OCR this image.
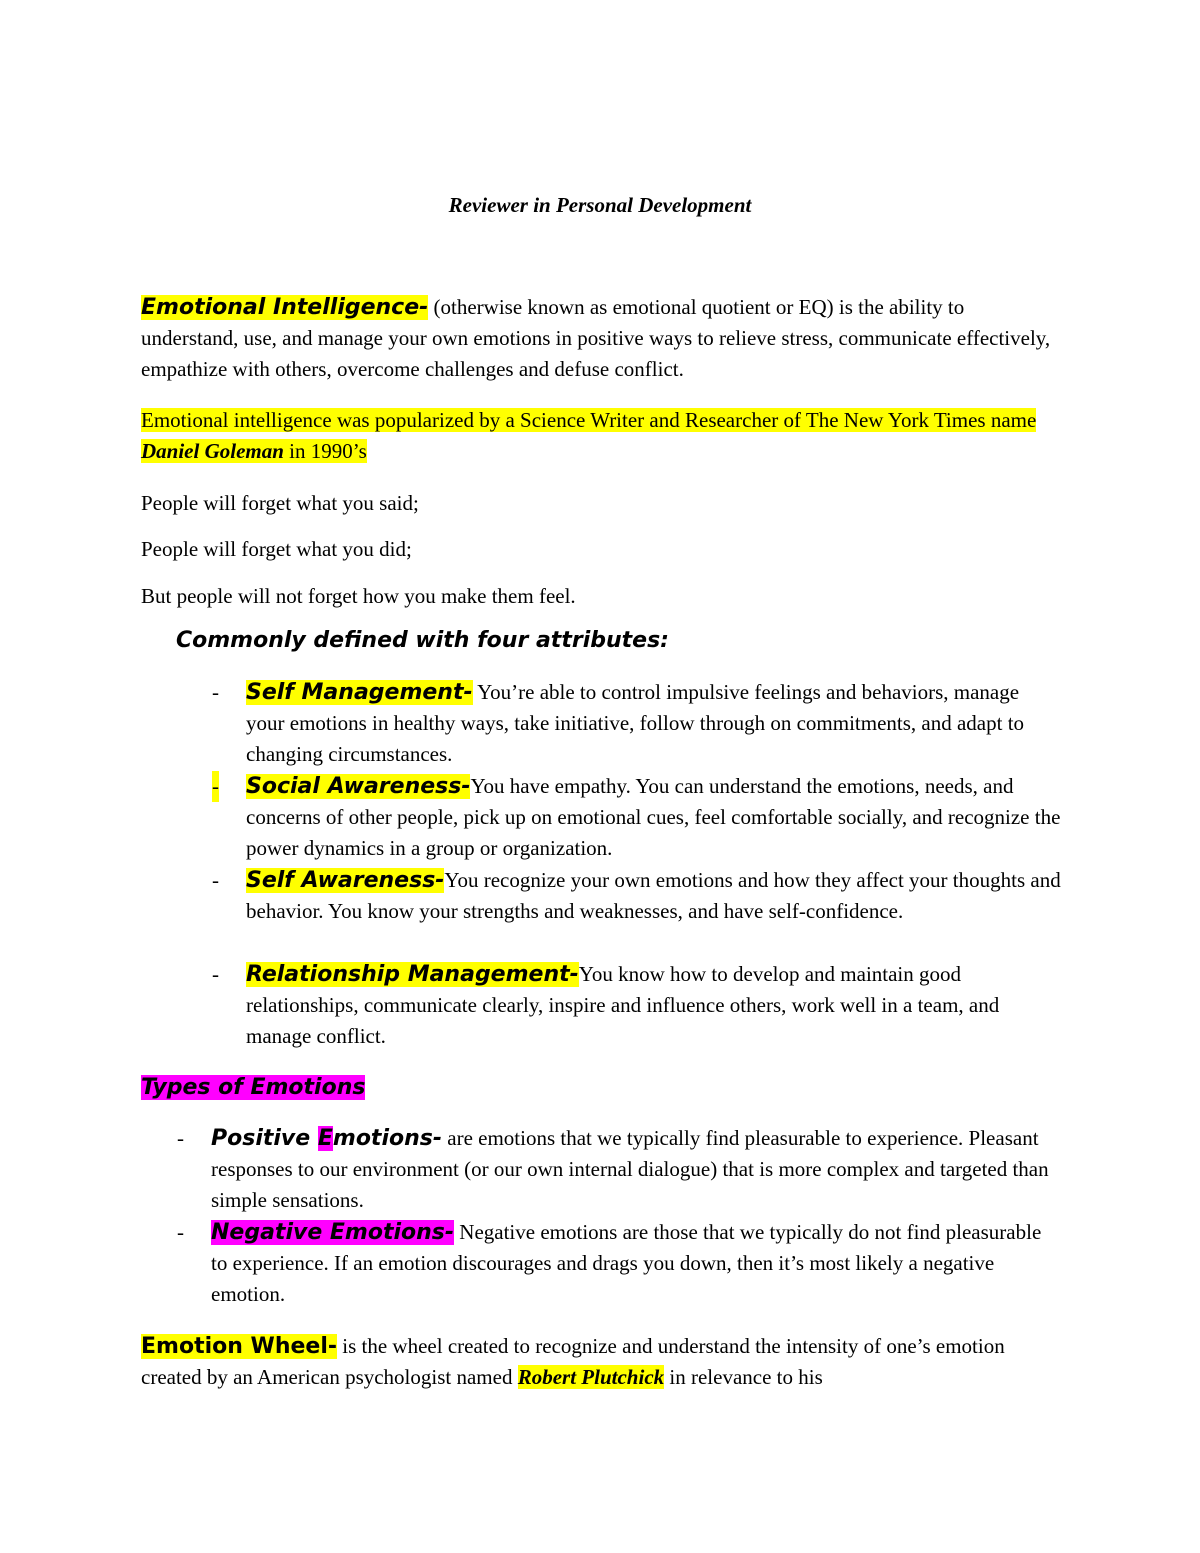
Reviewer in Personal Development

Emotional Intelligence- (otherwise known as emotional quotient or EQ) is the ability to understand, use, and manage your own emotions in positive ways to relieve stress, communicate effectively, empathize with others, overcome challenges and defuse conflict.

Emotional intelligence was popularized by a Science Writer and Researcher of The New York Times name Daniel Goleman in 1990’s

People will forget what you said;

People will forget what you did;

But people will not forget how you make them feel.

Commonly defined with four attributes:
- Self Management- You’re able to control impulsive feelings and behaviors, manage your emotions in healthy ways, take initiative, follow through on commitments, and adapt to changing circumstances.
- Social Awareness-You have empathy. You can understand the emotions, needs, and concerns of other people, pick up on emotional cues, feel comfortable socially, and recognize the power dynamics in a group or organization.
- Self Awareness-You recognize your own emotions and how they affect your thoughts and behavior. You know your strengths and weaknesses, and have self-confidence.
- Relationship Management-You know how to develop and maintain good relationships, communicate clearly, inspire and influence others, work well in a team, and manage conflict.
Types of Emotions
- Positive Emotions- are emotions that we typically find pleasurable to experience. Pleasant responses to our environment (or our own internal dialogue) that is more complex and targeted than simple sensations.
- Negative Emotions- Negative emotions are those that we typically do not find pleasurable to experience. If an emotion discourages and drags you down, then it’s most likely a negative emotion.

Emotion Wheel- is the wheel created to recognize and understand the intensity of one’s emotion created by an American psychologist named Robert Plutchick in relevance to his
